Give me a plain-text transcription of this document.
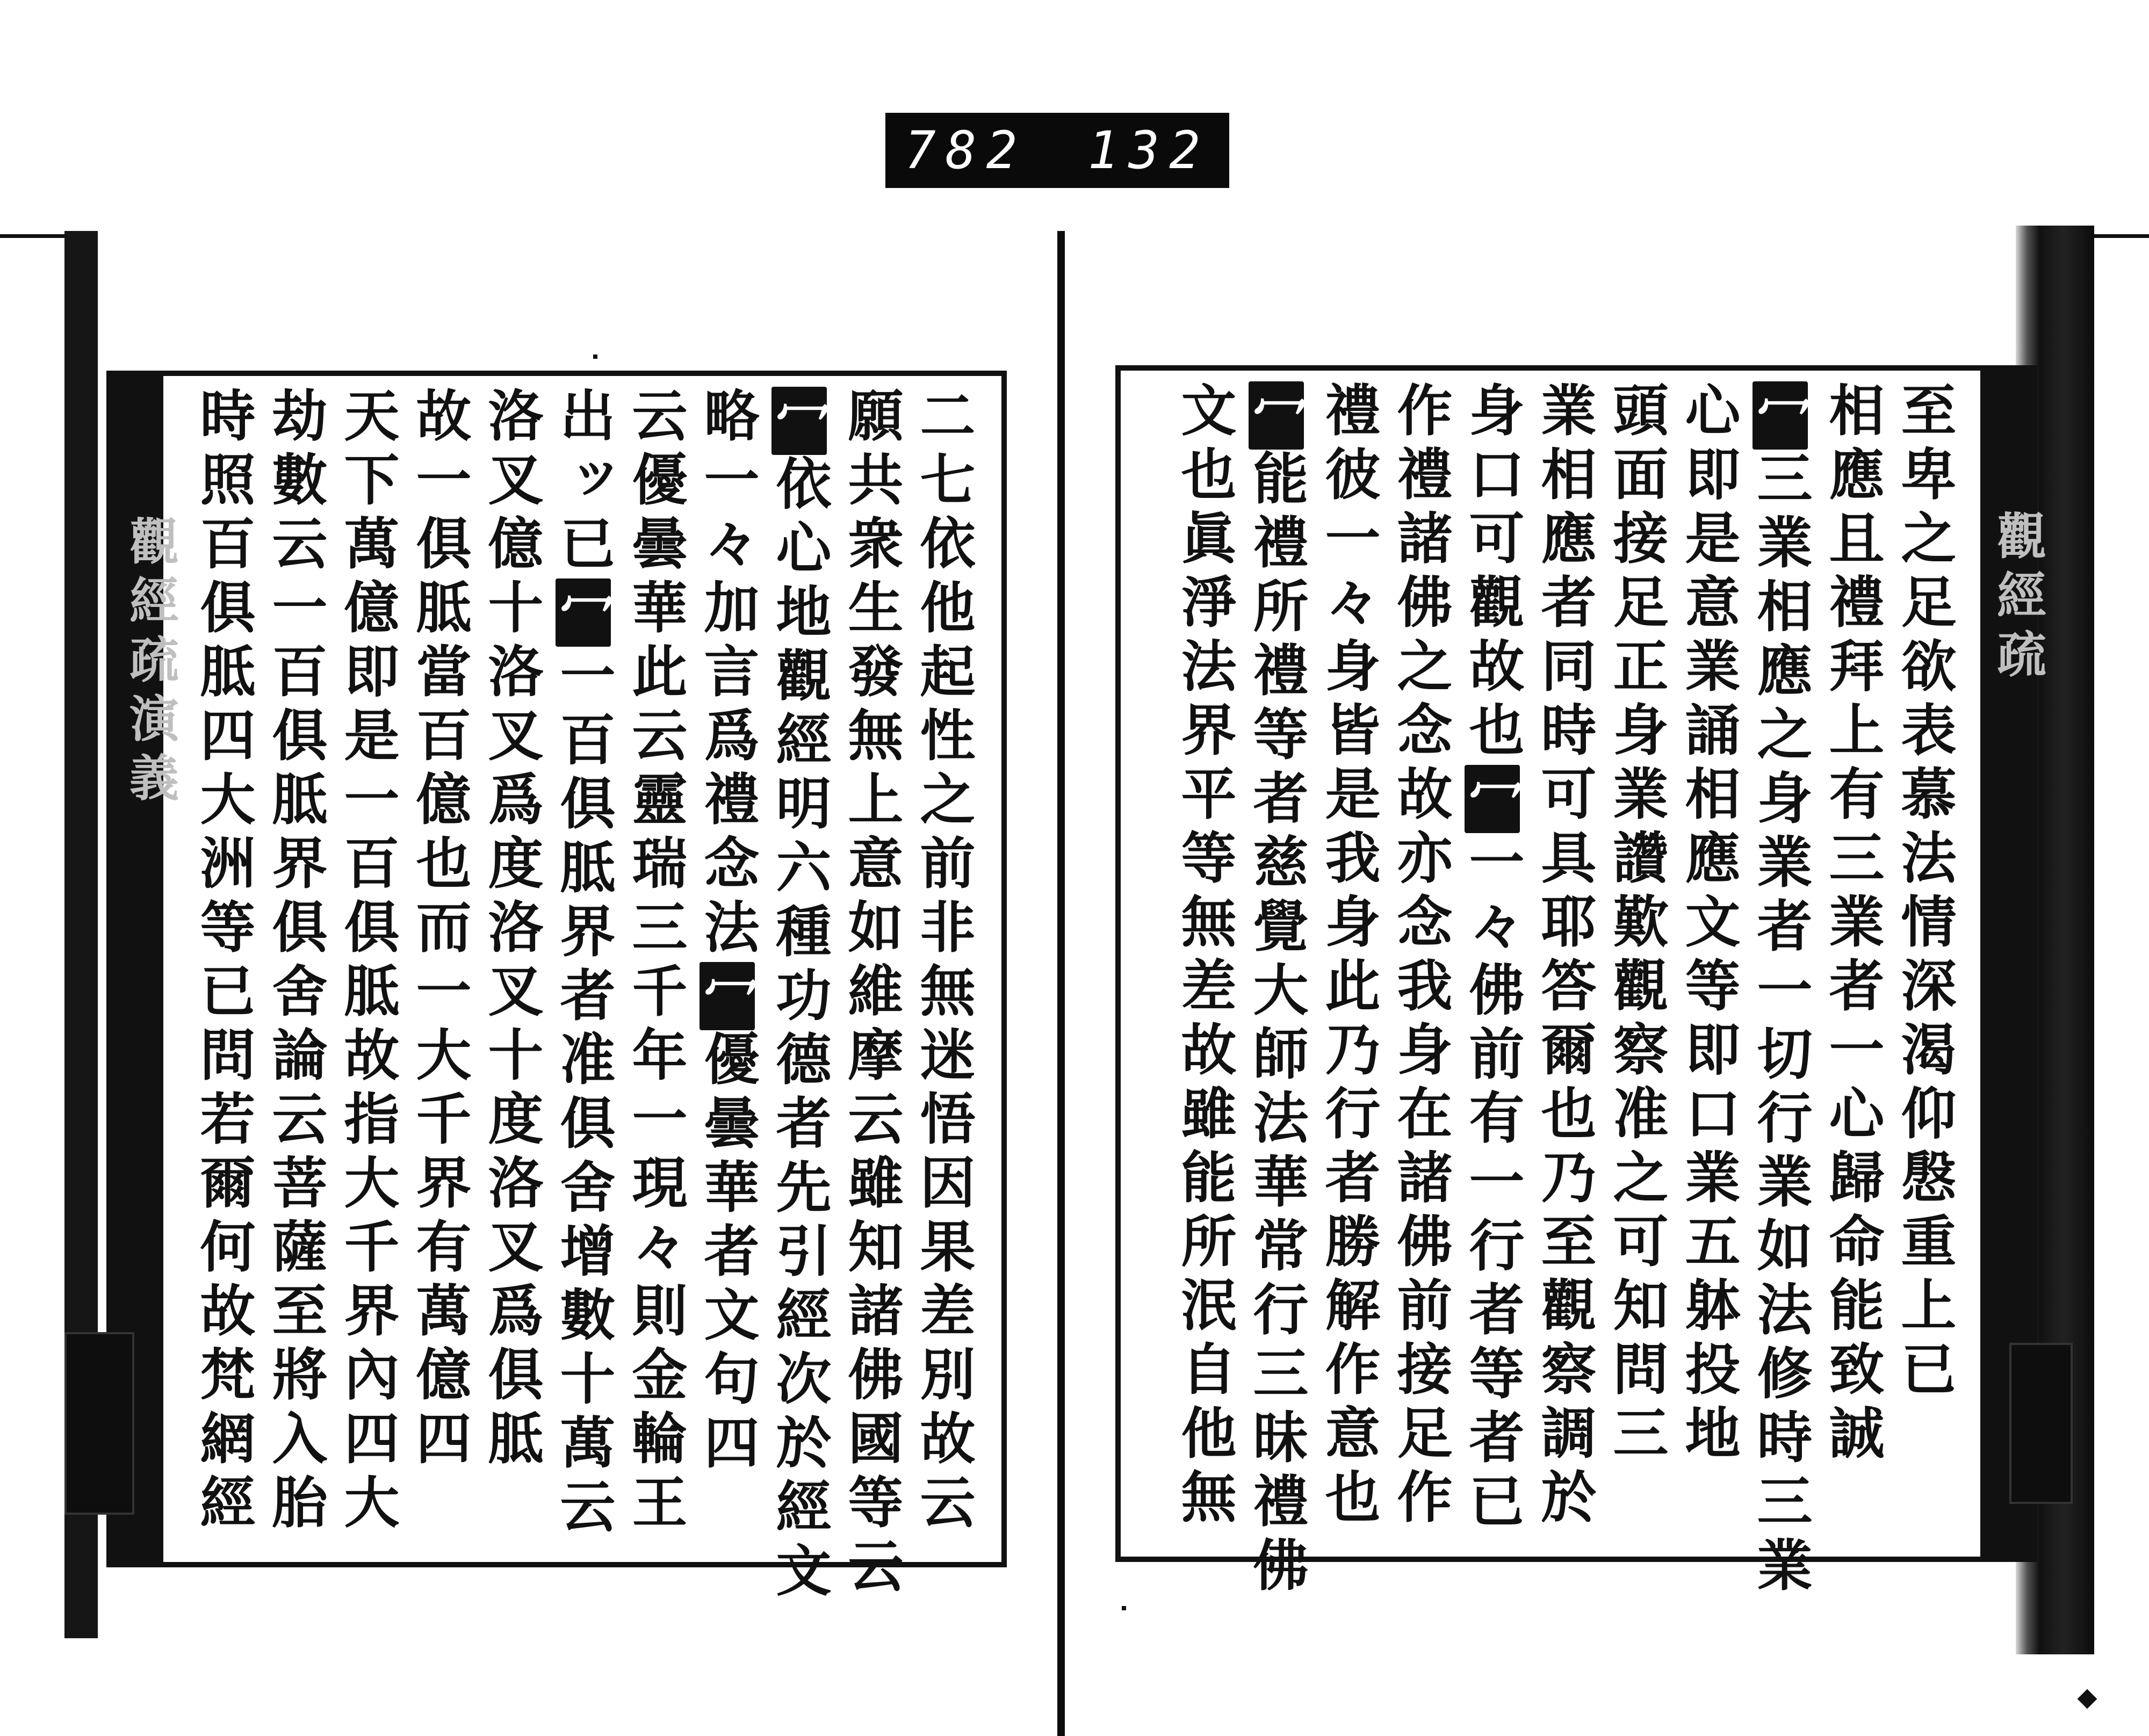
782 132
觀經疏演義	二七依他起性之前非無迷悟因果差別故云
願共衆生發無上意如維摩云雖知諸佛國等云
冖依心地觀經明六種功德者先引經次於經文
略一々加言爲禮念法冖優曇華者文句四
云優曇華此云靈瑞三千年一現々則金輪王
出ッ已冖一百俱胝界者准俱舍增數十萬云
洛叉億十洛叉爲度洛叉十度洛叉爲俱胝
故一俱胝當百億也而一大千界有萬億四
天下萬億即是一百俱胝故指大千界內四大
劫數云一百俱胝界俱舍論云菩薩至將入胎
時照百俱胝四大洲等已問若爾何故梵網經	至卑之足欲表慕法情深渴仰慇重上已
相應且禮拜上有三業者一心歸命能致誠
冖三業相應之身業者一切行業如法修時三業
心即是意業誦相應文等即口業五躰投地
頭面接足正身業讚歎觀察准之可知問三
業相應者同時可具耶答爾也乃至觀察調於
身口可觀故也冖一々佛前有一行者等者已
作禮諸佛之念故亦念我身在諸佛前接足作
禮彼一々身皆是我身此乃行者勝解作意也
冖能禮所禮等者慈覺大師法華常行三昧禮佛
文也眞淨法界平等無差故雖能所泯自他無	觀經疏
